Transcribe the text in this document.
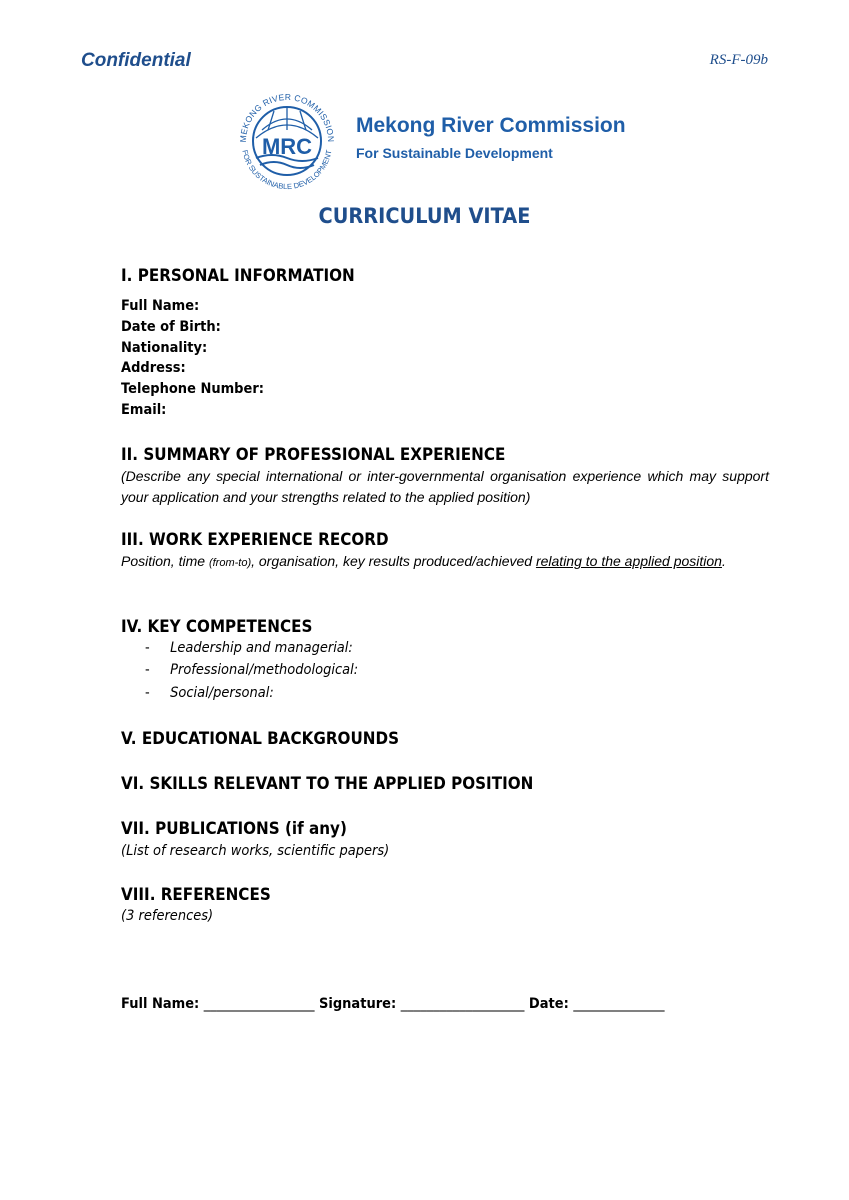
Confidential	RS-F-09b
MRC
MEKONG RIVER COMMISSION
FOR SUSTAINABLE DEVELOPMENT
Mekong River Commission
For Sustainable Development
CURRICULUM VITAE
I. PERSONAL INFORMATION
Full Name:
Date of Birth:
Nationality:
Address:
Telephone Number:
Email:
II. SUMMARY OF PROFESSIONAL EXPERIENCE
(Describe any special international or inter-governmental organisation experience which may support your application and your strengths related to the applied position)
III. WORK EXPERIENCE RECORD
Position, time (from-to), organisation, key results produced/achieved relating to the applied position.
IV. KEY COMPETENCES
- Leadership and managerial:
- Professional/methodological:
- Social/personal:
V. EDUCATIONAL BACKGROUNDS
VI. SKILLS RELEVANT TO THE APPLIED POSITION
VII. PUBLICATIONS (if any)
(List of research works, scientific papers)
VIII. REFERENCES
(3 references)
Full Name: _________________ Signature: ___________________ Date: ______________
